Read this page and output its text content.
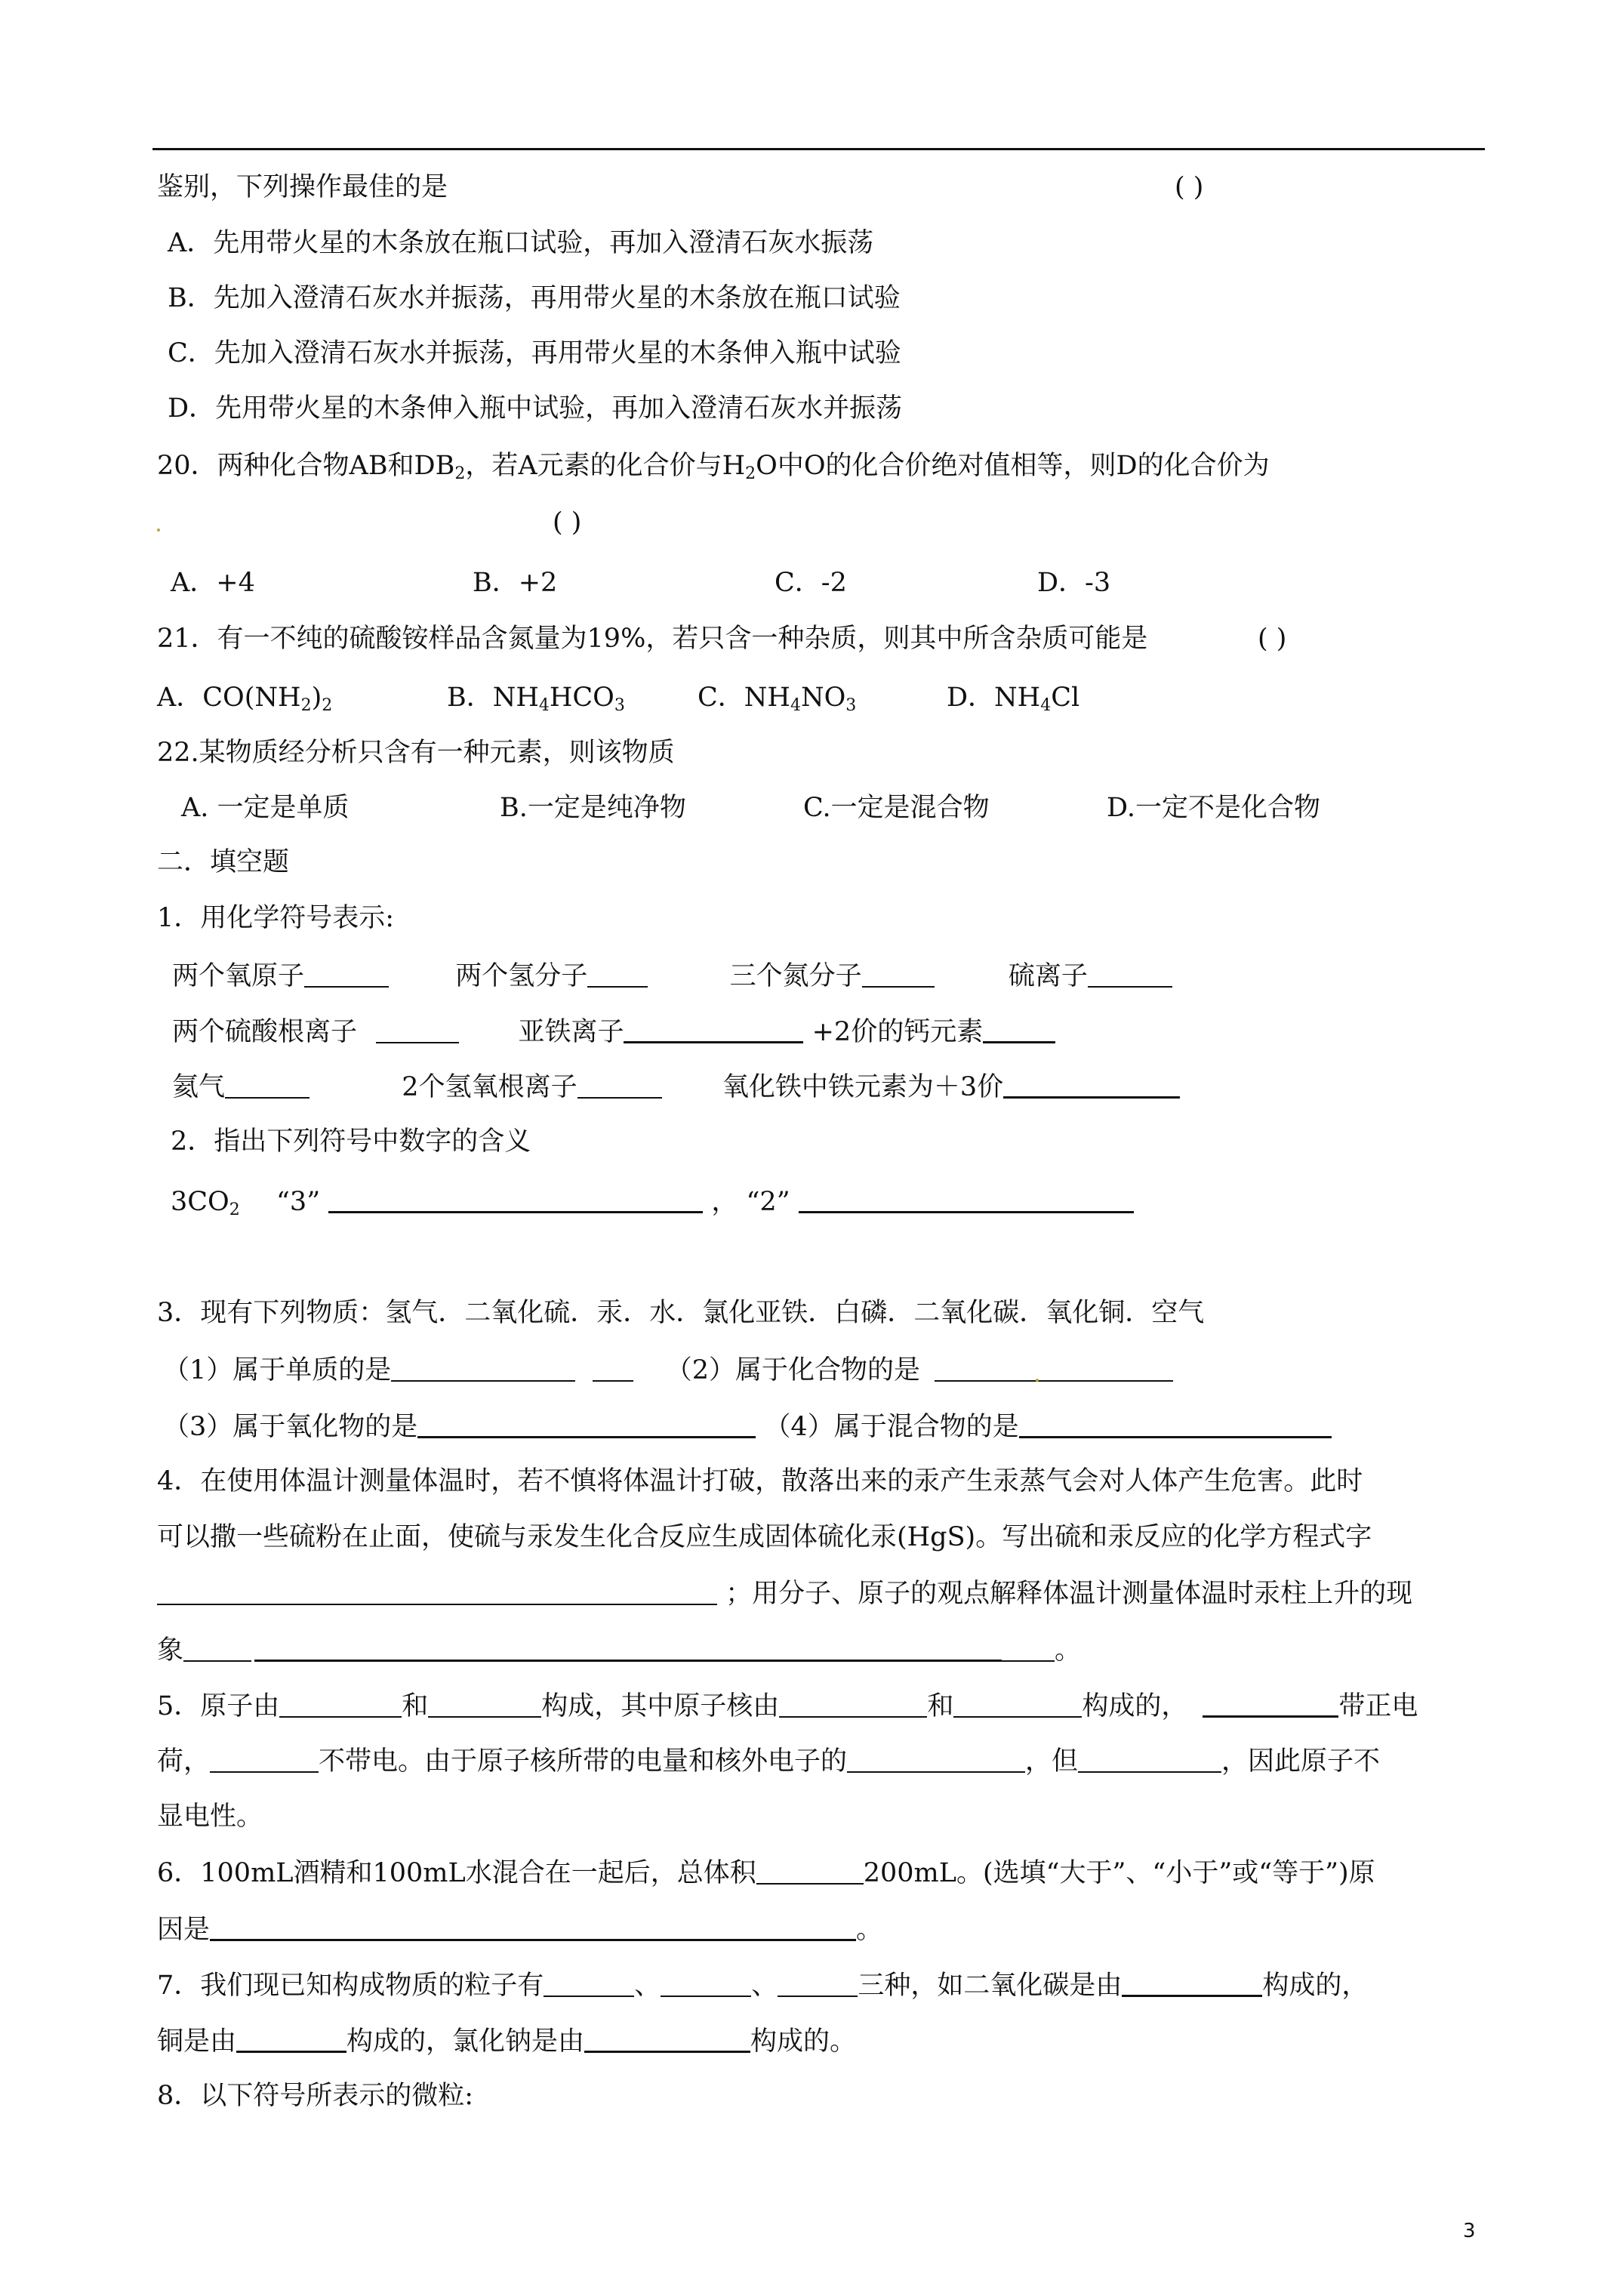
鉴别，下列操作最佳的是	( )
A．先用带火星的木条放在瓶口试验，再加入澄清石灰水振荡
B．先加入澄清石灰水并振荡，再用带火星的木条放在瓶口试验
C．先加入澄清石灰水并振荡，再用带火星的木条伸入瓶中试验
D．先用带火星的木条伸入瓶中试验，再加入澄清石灰水并振荡
20．两种化合物AB和$DB_2$，若A元素的化合价与$H_2O$中O的化合价绝对值相等，则D的化合价为
( )
A．+4	B．+2	C．-2	D．-3
21．有一不纯的硫酸铵样品含氮量为19%，若只含一种杂质，则其中所含杂质可能是	( )
A．$CO(NH_2)_2$	B．$NH_4HCO_3$	C．$NH_4NO_3$	D．$NH_4Cl$
22.某物质经分析只含有一种元素，则该物质
A. 一定是单质	B.一定是纯净物	C.一定是混合物	D.一定不是化合物
二．填空题
1．用化学符号表示:
两个氧原子	两个氢分子	三个氮分子	硫离子
两个硫酸根离子	亚铁离子	+2价的钙元素
氦气	2个氢氧根离子	氧化铁中铁元素为＋3价
2．指出下列符号中数字的含义
$3CO_2$ “3”	， “2”
3．现有下列物质：氢气．二氧化硫．汞．水．氯化亚铁．白磷．二氧化碳．氧化铜．空气
（1）属于单质的是	（2）属于化合物的是
（3）属于氧化物的是	（4）属于混合物的是
4．在使用体温计测量体温时，若不慎将体温计打破，散落出来的汞产生汞蒸气会对人体产生危害。此时
可以撒一些硫粉在止面，使硫与汞发生化合反应生成固体硫化汞(HgS)。写出硫和汞反应的化学方程式字
；用分子、原子的观点解释体温计测量体温时汞柱上升的现
象	。
5．原子由	和	构成，其中原子核由	和	构成的，	带正电
荷，	不带电。由于原子核所带的电量和核外电子的	，但	，因此原子不
显电性。
6．100mL酒精和100mL水混合在一起后，总体积	200mL。(选填“大于”、“小于”或“等于”)原
因是	。
7．我们现已知构成物质的粒子有	、	、	三种，如二氧化碳是由	构成的，
铜是由	构成的，氯化钠是由	构成的。
8．以下符号所表示的微粒:
3
